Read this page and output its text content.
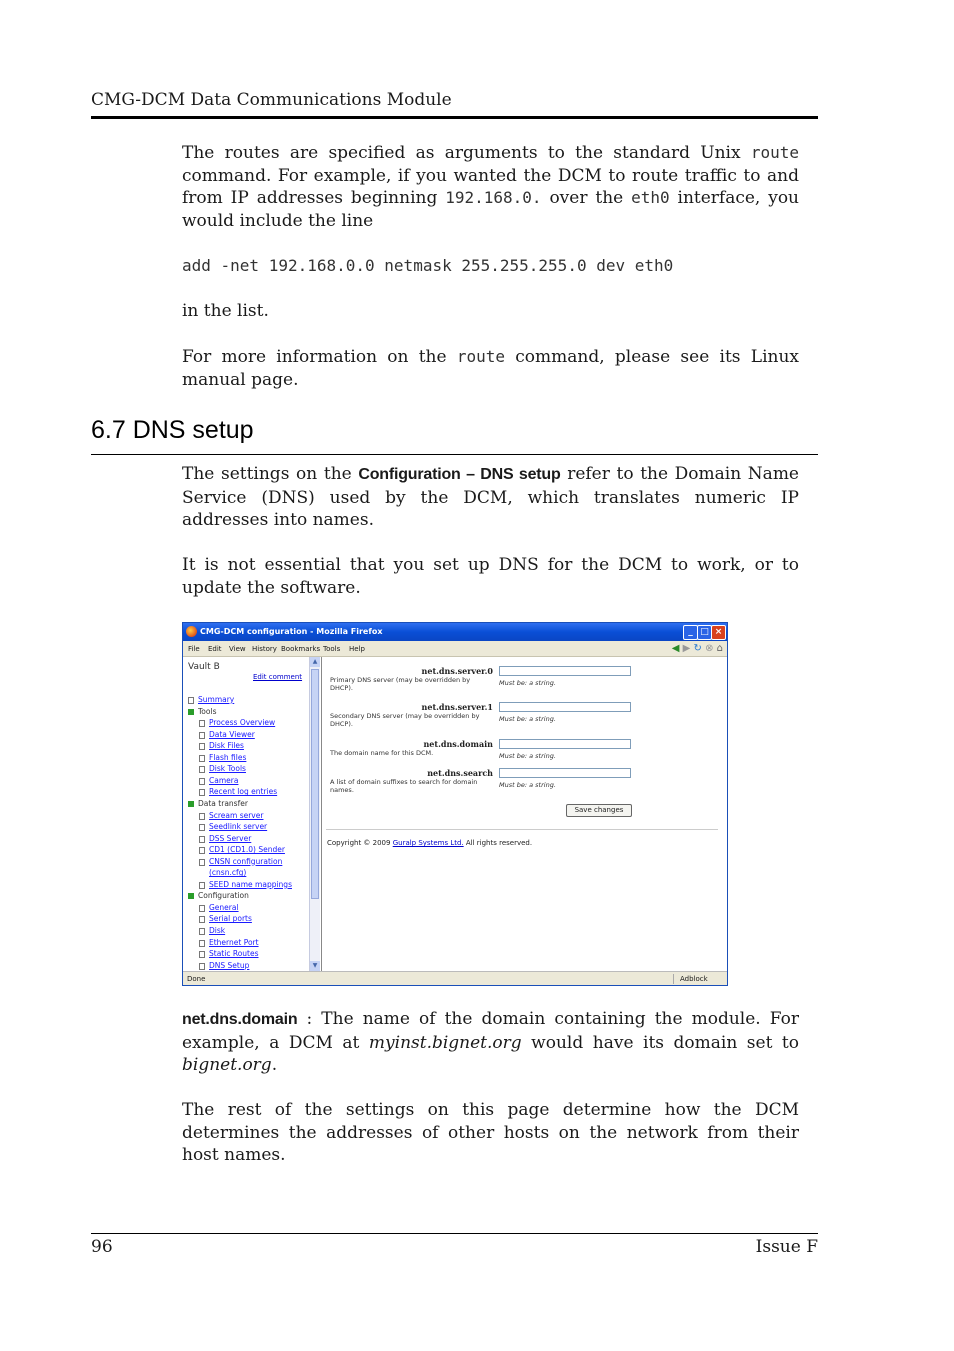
CMG-DCM Data Communications Module
The routes are specified as arguments to the standard Unix route command. For example, if you wanted the DCM to route traffic to and from IP addresses beginning 192.168.0. over the eth0 interface, you would include the line
add -net 192.168.0.0 netmask 255.255.255.0 dev eth0
in the list.
For more information on the route command, please see its Linux manual page.
6.7 DNS setup
The settings on the Configuration – DNS setup refer to the Domain Name Service (DNS) used by the DCM, which translates numeric IP addresses into names.
It is not essential that you set up DNS for the DCM to work, or to update the software.
CMG-DCM configuration - Mozilla Firefox	_ □ ×
File Edit View History Bookmarks Tools Help	◀ ▶ ↻ ⊗ ⌂
Vault B
Edit comment
Summary
Tools
Process Overview
Data Viewer
Disk Files
Flash files
Disk Tools
Camera
Recent log entries
Data transfer
Scream server
Seedlink server
DSS Server
CD1 (CD1.0) Sender
CNSN configuration
(cnsn.cfg)
SEED name mappings
Configuration
General
Serial ports
Disk
Ethernet Port
Static Routes
DNS Setup
▲
▼
net.dns.server.0
Primary DNS server (may be overridden by DHCP).
Must be: a string.
net.dns.server.1
Secondary DNS server (may be overridden by DHCP).
Must be: a string.
net.dns.domain
The domain name for this DCM.	Must be: a string.
net.dns.search
A list of domain suffixes to search for domain names.
Must be: a string.
Save changes
Copyright © 2009 Guralp Systems Ltd. All rights reserved.
Done	Adblock
net.dns.domain : The name of the domain containing the module. For example, a DCM at myinst.bignet.org would have its domain set to bignet.org.
The rest of the settings on this page determine how the DCM determines the addresses of other hosts on the network from their host names.
96	Issue F
